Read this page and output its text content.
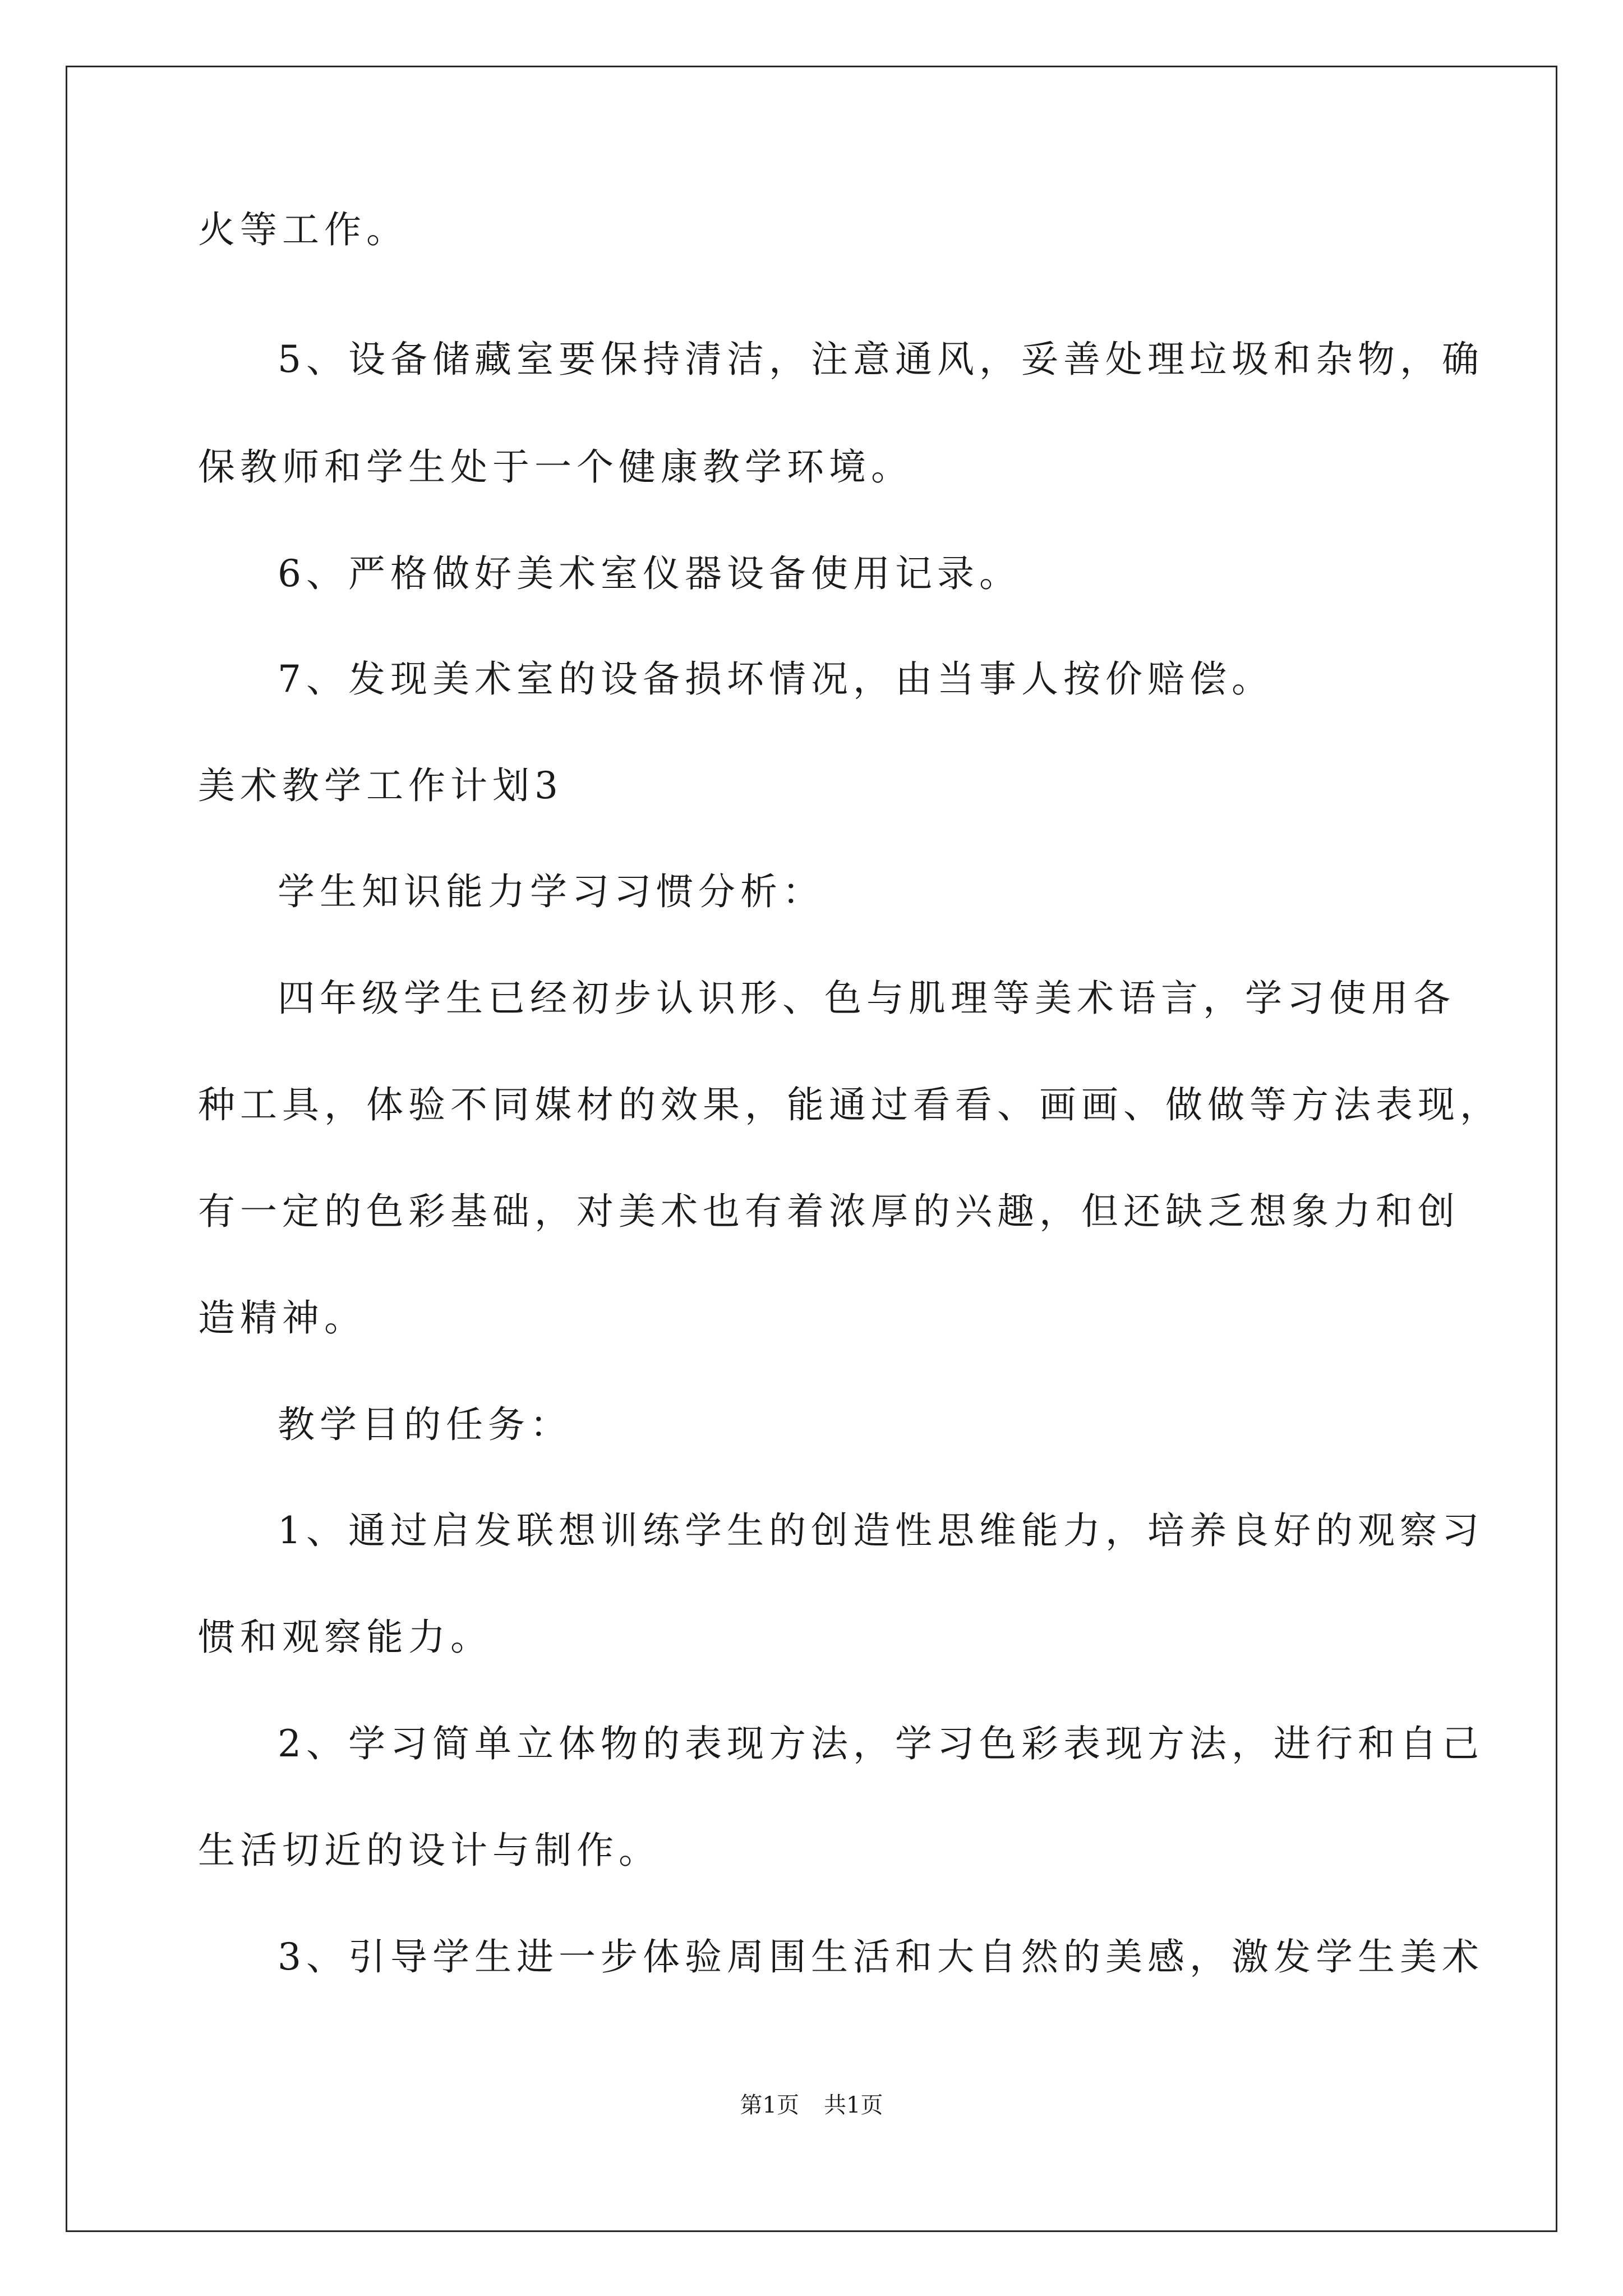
火等工作。
5、设备储藏室要保持清洁，注意通风，妥善处理垃圾和杂物，确
保教师和学生处于一个健康教学环境。
6、严格做好美术室仪器设备使用记录。
7、发现美术室的设备损坏情况，由当事人按价赔偿。
美术教学工作计划3
学生知识能力学习习惯分析：
四年级学生已经初步认识形、色与肌理等美术语言，学习使用各
种工具，体验不同媒材的效果，能通过看看、画画、做做等方法表现，
有一定的色彩基础，对美术也有着浓厚的兴趣，但还缺乏想象力和创
造精神。
教学目的任务：
1、通过启发联想训练学生的创造性思维能力，培养良好的观察习
惯和观察能力。
2、学习简单立体物的表现方法，学习色彩表现方法，进行和自己
生活切近的设计与制作。
3、引导学生进一步体验周围生活和大自然的美感，激发学生美术
第1页 共1页
